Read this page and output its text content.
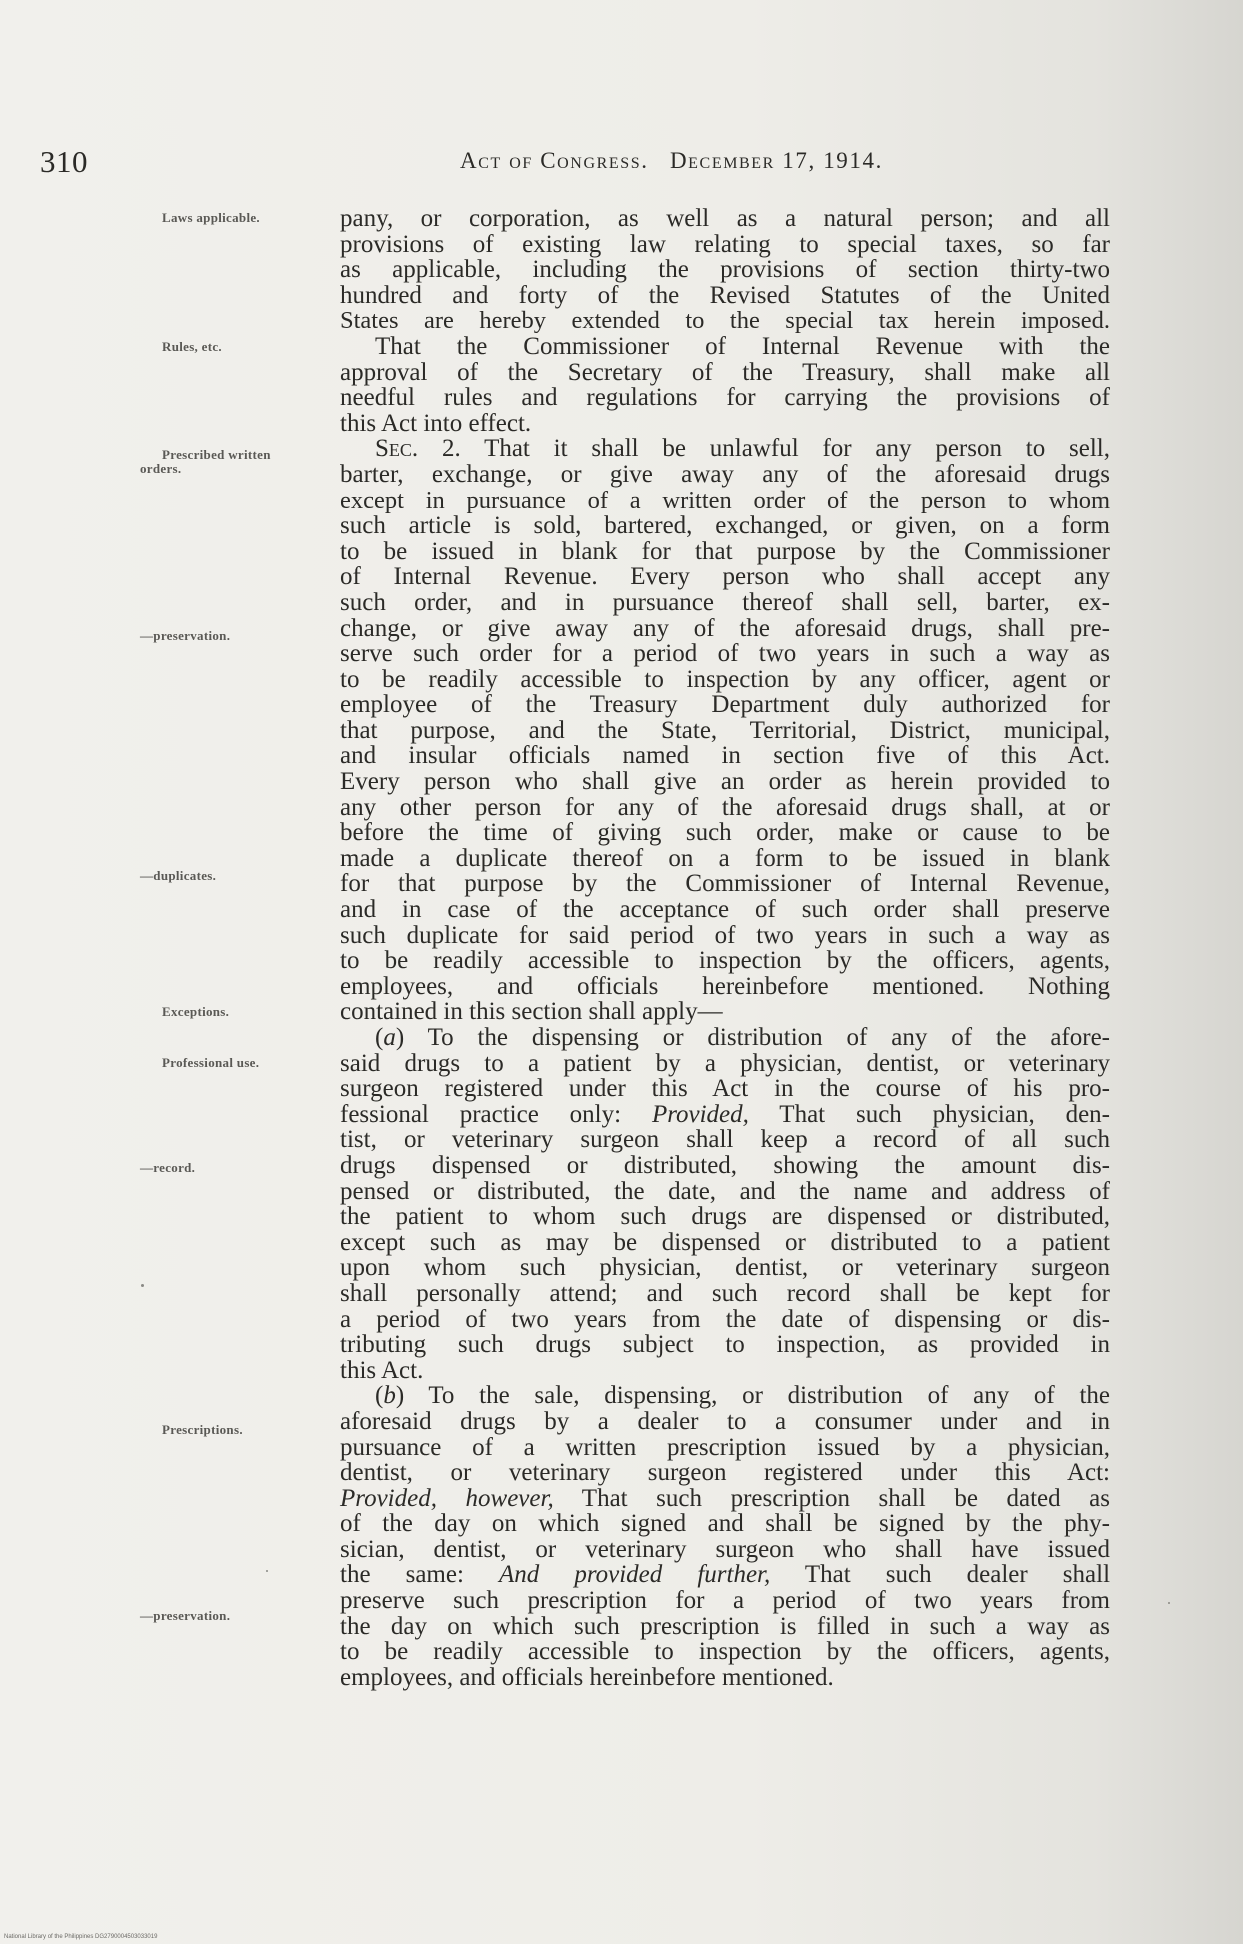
310	Act of Congress. December 17, 1914.
Laws applicable.
Rules, etc.
Prescribed written
orders.
—preservation.
—duplicates.
Exceptions.
Professional use.
—record.
Prescriptions.
—preservation.
pany, or corporation, as well as a natural person; and all
provisions of existing law relating to special taxes, so far
as applicable, including the provisions of section thirty-two
hundred and forty of the Revised Statutes of the United
States are hereby extended to the special tax herein imposed.
That the Commissioner of Internal Revenue with the
approval of the Secretary of the Treasury, shall make all
needful rules and regulations for carrying the provisions of
this Act into effect.
Sec. 2. That it shall be unlawful for any person to sell,
barter, exchange, or give away any of the aforesaid drugs
except in pursuance of a written order of the person to whom
such article is sold, bartered, exchanged, or given, on a form
to be issued in blank for that purpose by the Commissioner
of Internal Revenue. Every person who shall accept any
such order, and in pursuance thereof shall sell, barter, ex-
change, or give away any of the aforesaid drugs, shall pre-
serve such order for a period of two years in such a way as
to be readily accessible to inspection by any officer, agent or
employee of the Treasury Department duly authorized for
that purpose, and the State, Territorial, District, municipal,
and insular officials named in section five of this Act.
Every person who shall give an order as herein provided to
any other person for any of the aforesaid drugs shall, at or
before the time of giving such order, make or cause to be
made a duplicate thereof on a form to be issued in blank
for that purpose by the Commissioner of Internal Revenue,
and in case of the acceptance of such order shall preserve
such duplicate for said period of two years in such a way as
to be readily accessible to inspection by the officers, agents,
employees, and officials hereinbefore mentioned. Nothing
contained in this section shall apply—
(a) To the dispensing or distribution of any of the afore-
said drugs to a patient by a physician, dentist, or veterinary
surgeon registered under this Act in the course of his pro-
fessional practice only: Provided, That such physician, den-
tist, or veterinary surgeon shall keep a record of all such
drugs dispensed or distributed, showing the amount dis-
pensed or distributed, the date, and the name and address of
the patient to whom such drugs are dispensed or distributed,
except such as may be dispensed or distributed to a patient
upon whom such physician, dentist, or veterinary surgeon
shall personally attend; and such record shall be kept for
a period of two years from the date of dispensing or dis-
tributing such drugs subject to inspection, as provided in
this Act.
(b) To the sale, dispensing, or distribution of any of the
aforesaid drugs by a dealer to a consumer under and in
pursuance of a written prescription issued by a physician,
dentist, or veterinary surgeon registered under this Act:
Provided, however, That such prescription shall be dated as
of the day on which signed and shall be signed by the phy-
sician, dentist, or veterinary surgeon who shall have issued
the same: And provided further, That such dealer shall
preserve such prescription for a period of two years from
the day on which such prescription is filled in such a way as
to be readily accessible to inspection by the officers, agents,
employees, and officials hereinbefore mentioned.
National Library of the Philippines DG2790004503033019
